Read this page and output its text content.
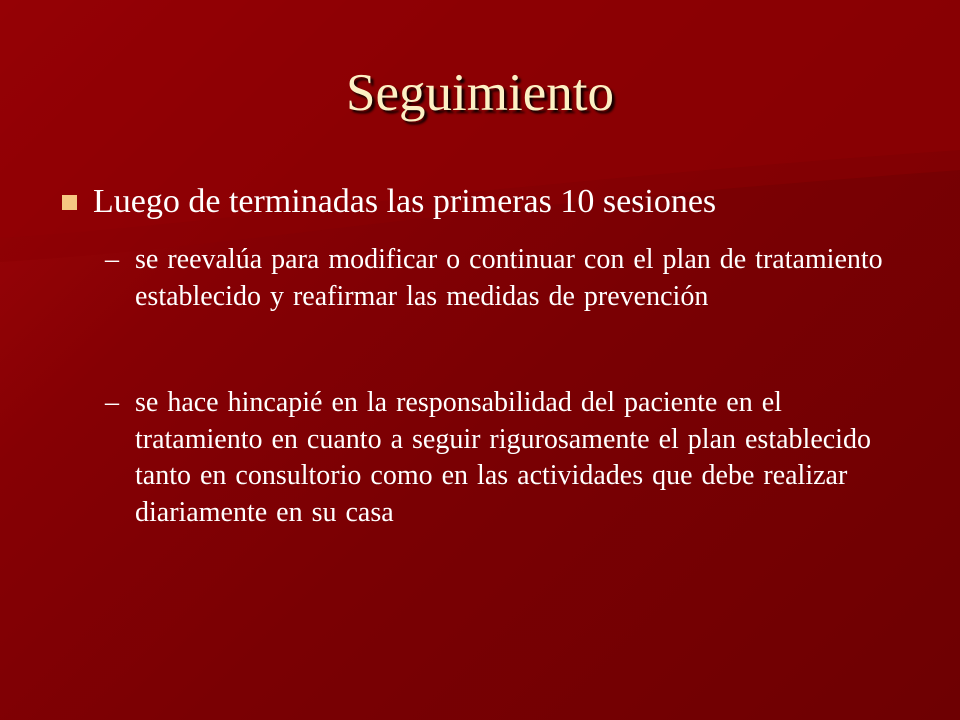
Seguimiento
Luego de terminadas las primeras 10 sesiones
– se reevalúa para modificar o continuar con el plan de tratamiento establecido y reafirmar las medidas de prevención
– se hace hincapié en la responsabilidad del paciente en el tratamiento en cuanto a seguir rigurosamente el plan establecido tanto en consultorio como en las actividades que debe realizar diariamente en su casa
